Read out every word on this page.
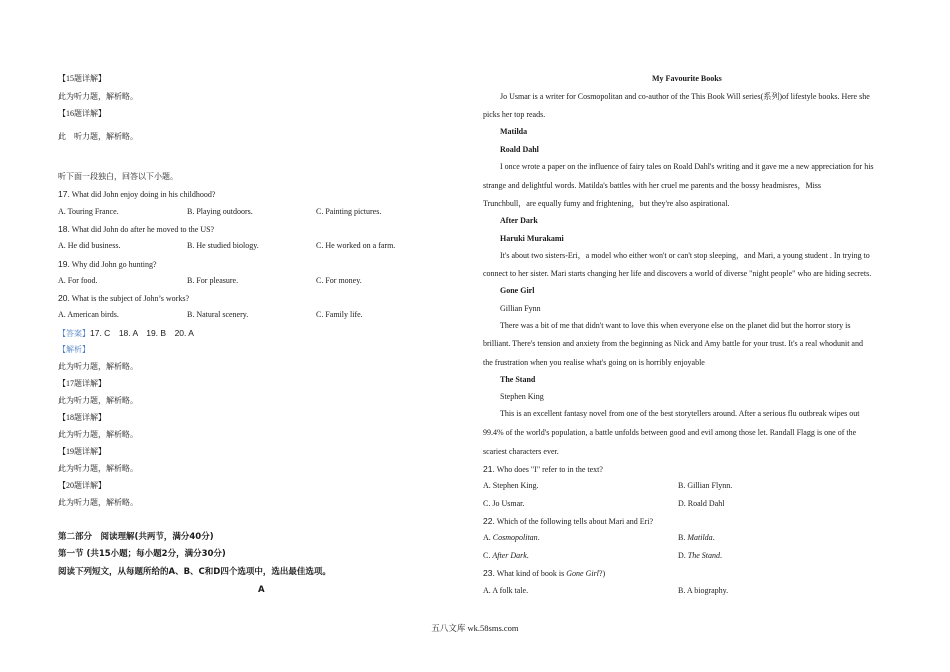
【15题详解】
此为听力题，解析略。
【16题详解】
此　听力题，解析略。
听下面一段独白，回答以下小题。
17. What did John enjoy doing in his childhood?
A. Touring France.	B. Playing outdoors.	C. Painting pictures.
18. What did John do after he moved to the US?
A. He did business.	B. He studied biology.	C. He worked on a farm.
19. Why did John go hunting?
A. For food.	B. For pleasure.	C. For money.
20. What is the subject of John’s works?
A. American birds.	B. Natural scenery.	C. Family life.
【答案】17. C　18. A　19. B　20. A
【解析】
此为听力题，解析略。
【17题详解】
此为听力题，解析略。
【18题详解】
此为听力题，解析略。
【19题详解】
此为听力题，解析略。
【20题详解】
此为听力题，解析略。
第二部分　阅读理解(共两节，满分40分)
第一节 (共15小题；每小题2分，满分30分)
阅读下列短文，从每题所给的A、B、C和D四个选项中，选出最佳选项。
A
My Favourite Books
Jo Usmar is a writer for Cosmopolitan and co-author of the This Book Will series(系列)of lifestyle books. Here she
picks her top reads.
Matilda
Roald Dahl
I once wrote a paper on the influence of fairy tales on Roald Dahl's writing and it gave me a new appreciation for his
strange and delightful words. Matilda's battles with her cruel me parents and the bossy headmisres，Miss
Trunchbull，are equally fumy and frightening，but they're also aspirational.
After Dark
Haruki Murakami
It's about two sisters-Eri，a model who either won't or can't stop sleeping，and Mari, a young student . In trying to
connect to her sister. Mari starts changing her life and discovers a world of diverse "night people" who are hiding secrets.
Gone Girl
Gillian Fynn
There was a bit of me that didn't want to love this when everyone else on the planet did but the horror story is
brilliant. There's tension and anxiety from the beginning as Nick and Amy battle for your trust. It's a real whodunit and
the frustration when you realise what's going on is horribly enjoyable
The Stand
Stephen King
This is an excellent fantasy novel from one of the best storytellers around. After a serious flu outbreak wipes out
99.4% of the world's population, a battle unfolds between good and evil among those let. Randall Flagg is one of the
scariest characters ever.
21. Who does "I" refer to in the text?
A. Stephen King.	B. Gillian Flynn.
C. Jo Usmar.	D. Roald Dahl
22. Which of the following tells about Mari and Eri?
A. Cosmopolitan.	B. Matilda.
C. After Dark.	D. The Stand.
23. What kind of book is Gone Girl?)
A. A folk tale.	B. A biography.
五八文库 wk.58sms.com
